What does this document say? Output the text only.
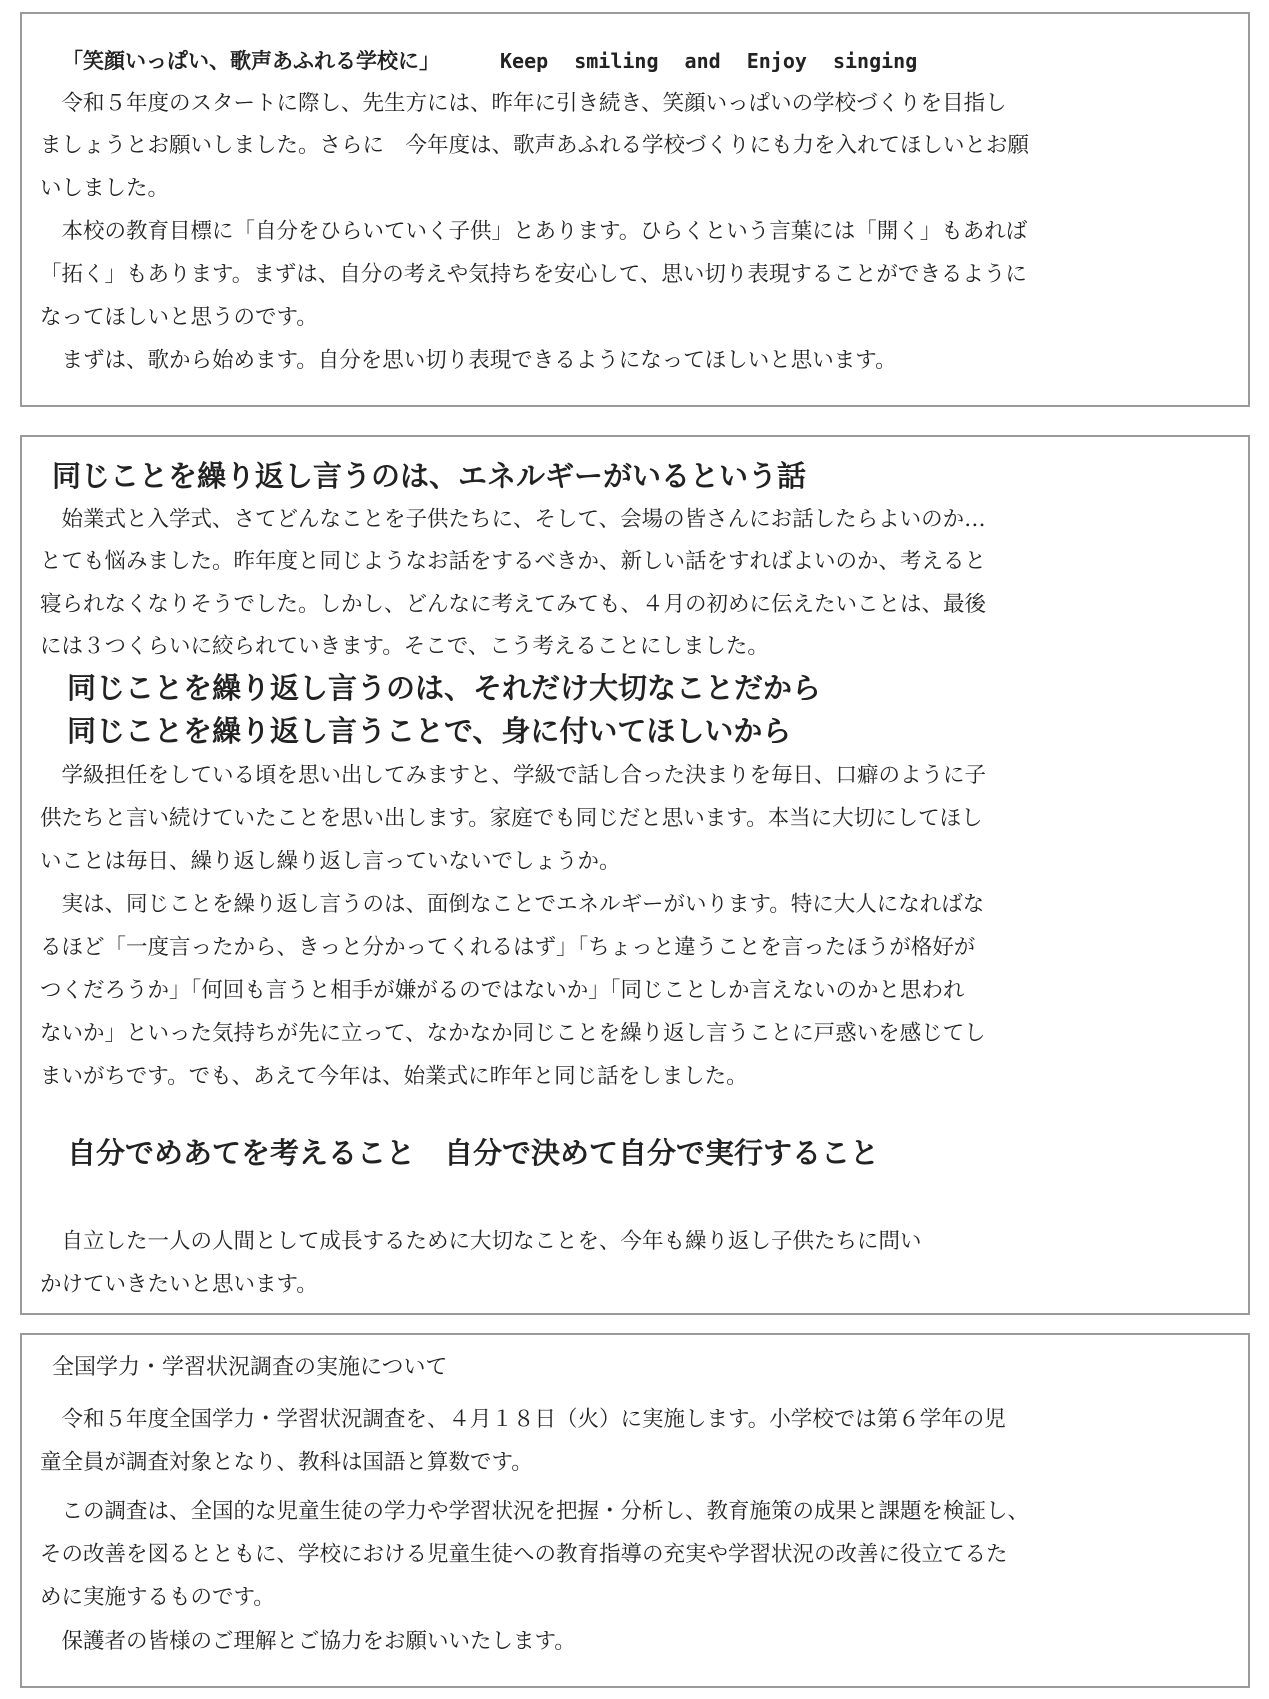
「笑顔いっぱい、歌声あふれる学校に」	Keep smiling and Enjoy singing
　令和５年度のスタートに際し、先生方には、昨年に引き続き、笑顔いっぱいの学校づくりを目指し
ましょうとお願いしました。さらに　今年度は、歌声あふれる学校づくりにも力を入れてほしいとお願
いしました。
　本校の教育目標に「自分をひらいていく子供」とあります。ひらくという言葉には「開く」もあれば
「拓く」もあります。まずは、自分の考えや気持ちを安心して、思い切り表現することができるように
なってほしいと思うのです。
　まずは、歌から始めます。自分を思い切り表現できるようになってほしいと思います。
同じことを繰り返し言うのは、エネルギーがいるという話
　始業式と入学式、さてどんなことを子供たちに、そして、会場の皆さんにお話したらよいのか…
とても悩みました。昨年度と同じようなお話をするべきか、新しい話をすればよいのか、考えると
寝られなくなりそうでした。しかし、どんなに考えてみても、４月の初めに伝えたいことは、最後
には３つくらいに絞られていきます。そこで、こう考えることにしました。
同じことを繰り返し言うのは、それだけ大切なことだから
同じことを繰り返し言うことで、身に付いてほしいから
　学級担任をしている頃を思い出してみますと、学級で話し合った決まりを毎日、口癖のように子
供たちと言い続けていたことを思い出します。家庭でも同じだと思います。本当に大切にしてほし
いことは毎日、繰り返し繰り返し言っていないでしょうか。
　実は、同じことを繰り返し言うのは、面倒なことでエネルギーがいります。特に大人になればな
るほど「一度言ったから、きっと分かってくれるはず」「ちょっと違うことを言ったほうが格好が
つくだろうか」「何回も言うと相手が嫌がるのではないか」「同じことしか言えないのかと思われ
ないか」といった気持ちが先に立って、なかなか同じことを繰り返し言うことに戸惑いを感じてし
まいがちです。でも、あえて今年は、始業式に昨年と同じ話をしました。
自分でめあてを考えること　自分で決めて自分で実行すること
　自立した一人の人間として成長するために大切なことを、今年も繰り返し子供たちに問い
かけていきたいと思います。
全国学力・学習状況調査の実施について
　令和５年度全国学力・学習状況調査を、４月１８日（火）に実施します。小学校では第６学年の児
童全員が調査対象となり、教科は国語と算数です。
　この調査は、全国的な児童生徒の学力や学習状況を把握・分析し、教育施策の成果と課題を検証し、
その改善を図るとともに、学校における児童生徒への教育指導の充実や学習状況の改善に役立てるた
めに実施するものです。
　保護者の皆様のご理解とご協力をお願いいたします。
